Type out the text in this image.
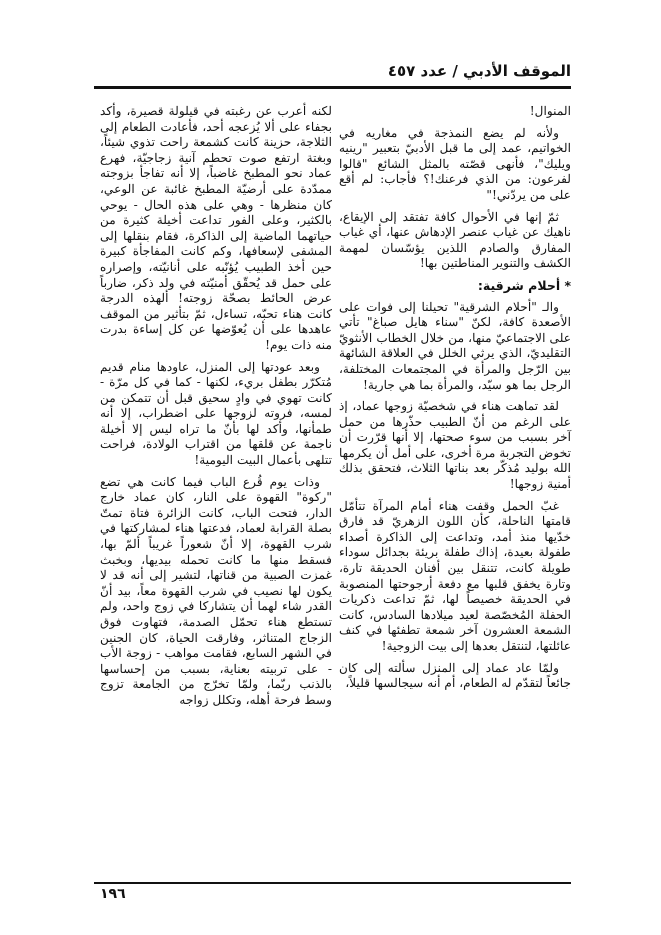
الموقف الأدبي / عدد ٤٥٧

المنوال!

ولأنه لم يضع النمذجة في مغاريه في الخواتيم، عمد إلى ما قبل الأدبيّ بتعبير "رينيه ويليك"، فأنهى قصّته بالمثل الشائع "قالوا لفرعون: من الذي فرعنك!؟ فأجاب: لم أقع على من يردّني!"

ثمّ إنها في الأحوال كافة تفتقد إلى الإيقاع، ناهيك عن غياب عنصر الإدهاش عنها، أي غياب المفارق والصادم اللذين يؤسّسان لمهمة الكشف والتنوير المناطتين بها!

* أحلام شرقية:

والـ "أحلام الشرقية" تحيلنا إلى فوات على الأصعدة كافة، لكنّ "سناء هايل صباغ" تأتي على الاجتماعيّ منها، من خلال الخطاب الأنثويّ التقليديّ، الذي يرثي الخلل في العلاقة الشائهة بين الرّجل والمرأة في المجتمعات المختلفة، الرجل بما هو سيّد، والمرأة بما هي جارية!

لقد تماهت هناء في شخصيّة زوجها عماد، إذ على الرغم من أنّ الطبيب حذّرها من حمل آخر بسبب من سوء صحتها، إلا أنها قرّرت أن تخوض التجربة مرة أخرى، على أمل أن يكرمها الله بوليد مُذكّر بعد بناتها الثلاث، فتحقق بذلك أمنية زوجها!

غبّ الحمل وقفت هناء أمام المرآة تتأمّل قامتها الناحلة، كأن اللون الزهريّ قد فارق خدّيها منذ أمد، وتداعت إلى الذاكرة أصداء طفولة بعيدة، إذاك طفلة بريئة بجدائل سوداء طويلة كانت، تتنقل بين أفنان الحديقة تارة، وتارة يخفق قلبها مع دفعة أرجوحتها المنصوبة في الحديقة خصيصاً لها، ثمّ تداعت ذكريات الحفلة المُخصّصة لعيد ميلادها السادس، كانت الشمعة العشرون آخر شمعة تطفئها في كنف عائلتها، لتنتقل بعدها إلى بيت الزوجية!

ولمّا عاد عماد إلى المنزل سألته إلى كان جائعاً لتقدّم له الطعام، أم أنه سيجالسها قليلاً،

لكنه أعرب عن رغبته في قيلولة قصيرة، وأكد بجفاء على ألا يُزعجه أحد، فأعادت الطعام إلى الثلاجة، حزينة كانت كشمعة راحت تذوي شيئاً، وبغتة ارتفع صوت تحطم آنية زجاجيّة، فهرع عماد نحو المطبخ غاضباً، إلا أنه تفاجأ بزوجته ممدّدة على أرضيّة المطبخ غائبة عن الوعي، كان منظرها - وهي على هذه الحال - يوحي بالكثير، وعلى الفور تداعت أخيلة كثيرة من حياتهما الماضية إلى الذاكرة، فقام بنقلها إلى المشفى لإسعافها، وكم كانت المفاجأة كبيرة حين أخذ الطبيب يُؤنّبه على أنانيّته، وإصراره على حمل قد يُحقّق أمنيّته في ولد ذكر، ضارباً عرض الحائط بصحّة زوجته! ألهذه الدرجة كانت هناء تحبّه، تساءل، ثمّ بتأثير من الموقف عاهدها على أن يُعوّضها عن كل إساءة بدرت منه ذات يوم!

وبعد عودتها إلى المنزل، عاودها منام قديم مُتكرّر بطفل بريء، لكنها - كما في كل مرّة - كانت تهوي في وادٍ سحيق قبل أن تتمكن من لمسه، فروته لزوجها على اضطراب، إلا أنه طمأنها، وأكد لها بأنّ ما تراه ليس إلا أخيلة ناجمة عن قلقها من اقتراب الولادة، فراحت تتلهى بأعمال البيت اليومية!

وذات يوم قُرع الباب فيما كانت هي تضع "ركوة" القهوة على النار، كان عماد خارج الدار، فتحت الباب، كانت الزائرة فتاة تمتّ بصلة القرابة لعماد، فدعتها هناء لمشاركتها في شرب القهوة، إلا أنّ شعوراً غريباً ألمّ بها، فسقط منها ما كانت تحمله بيديها، وبخبث غمزت الصبية من قناتها، لتشير إلى أنه قد لا يكون لها نصيب في شرب القهوة معاً، بيد أنّ القدر شاء لهما أن يتشاركا في زوج واحد، ولم تستطع هناء تحمّل الصدمة، فتهاوت فوق الزجاج المتناثر، وفارقت الحياة، كان الجنين في الشهر السابع، فقامت مواهب - زوجة الأب - على تربيته بعناية، بسبب من إحساسها بالذنب ربّما، ولمّا تخرّج من الجامعة تزوج وسط فرحة أهله، وتكلل زواجه

١٩٦
